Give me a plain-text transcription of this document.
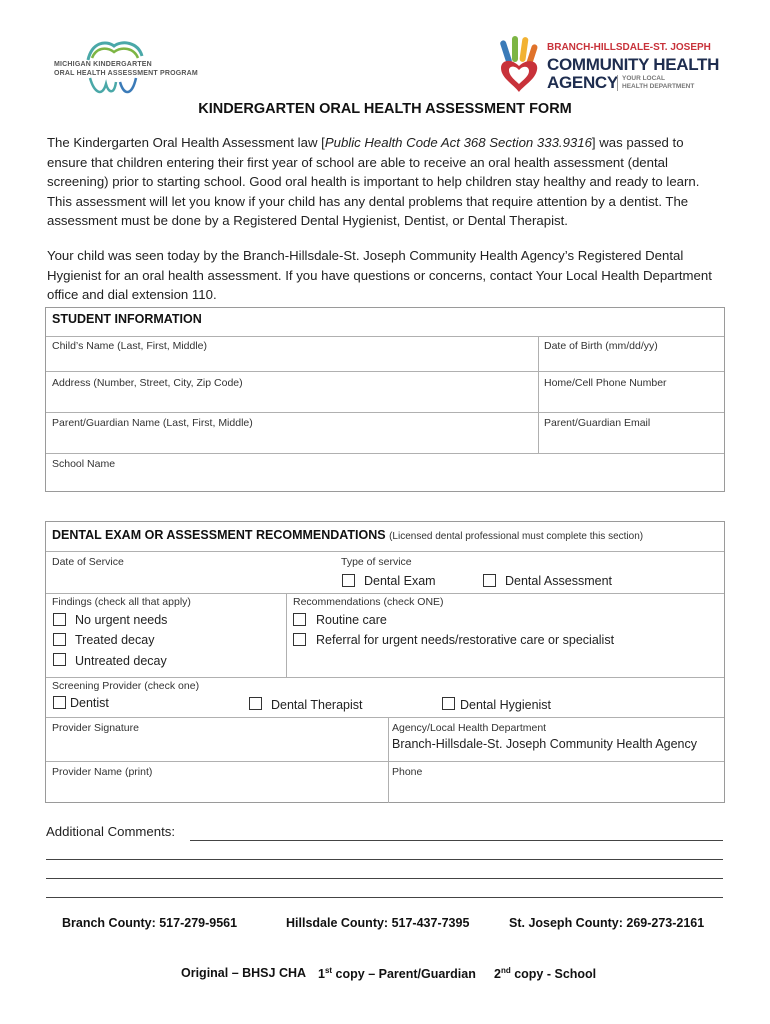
MICHIGAN KINDERGARTEN
ORAL HEALTH ASSESSMENT PROGRAM
BRANCH-HILLSDALE-ST. JOSEPH
COMMUNITY HEALTH
AGENCY YOUR LOCAL
HEALTH DEPARTMENT
KINDERGARTEN ORAL HEALTH ASSESSMENT FORM
The Kindergarten Oral Health Assessment law [Public Health Code Act 368 Section 333.9316] was passed to ensure that children entering their first year of school are able to receive an oral health assessment (dental screening) prior to starting school. Good oral health is important to help children stay healthy and ready to learn. This assessment will let you know if your child has any dental problems that require attention by a dentist. The assessment must be done by a Registered Dental Hygienist, Dentist, or Dental Therapist.
Your child was seen today by the Branch-Hillsdale-St. Joseph Community Health Agency’s Registered Dental Hygienist for an oral health assessment. If you have questions or concerns, contact Your Local Health Department office and dial extension 110.
STUDENT INFORMATION
Child’s Name (Last, First, Middle)	Date of Birth (mm/dd/yy)
Address (Number, Street, City, Zip Code)	Home/Cell Phone Number
Parent/Guardian Name (Last, First, Middle)	Parent/Guardian Email
School Name
DENTAL EXAM OR ASSESSMENT RECOMMENDATIONS (Licensed dental professional must complete this section)
Date of Service	Type of service
Dental Exam	Dental Assessment
Findings (check all that apply)
No urgent needs
Treated decay
Untreated decay
Recommendations (check ONE)
Routine care
Referral for urgent needs/restorative care or specialist
Screening Provider (check one)
Dentist	Dental Therapist	Dental Hygienist
Provider Signature	Agency/Local Health Department
Branch-Hillsdale-St. Joseph Community Health Agency
Provider Name (print)	Phone
Additional Comments:
Branch County: 517-279-9561	Hillsdale County: 517-437-7395	St. Joseph County: 269-273-2161
Original – BHSJ CHA 1st copy – Parent/Guardian 2nd copy - School
